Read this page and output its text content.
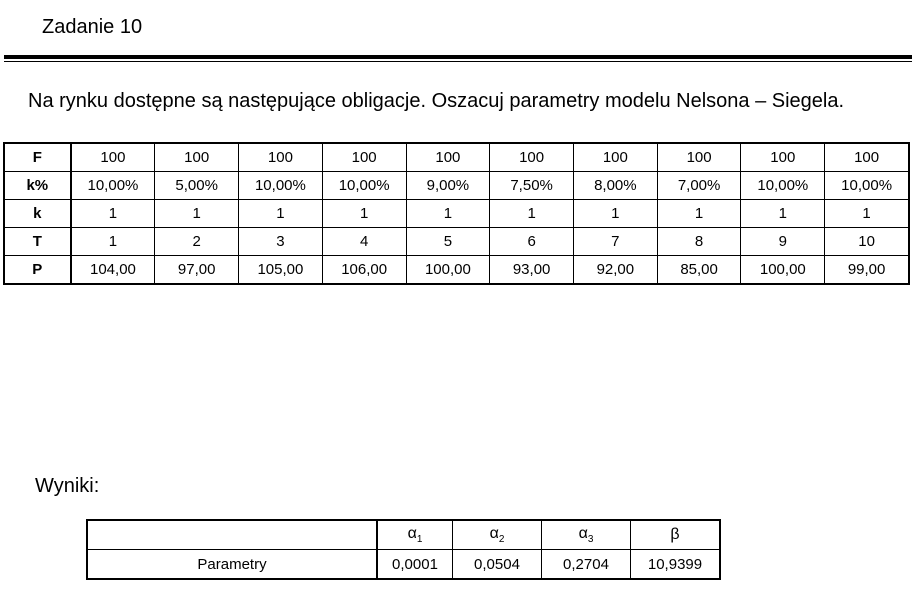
Zadanie 10
Na rynku dostępne są następujące obligacje. Oszacuj parametry modelu Nelsona – Siegela.
F	100	100	100	100	100	100	100	100	100	100
k%	10,00%	5,00%	10,00%	10,00%	9,00%	7,50%	8,00%	7,00%	10,00%	10,00%
k	1	1	1	1	1	1	1	1	1	1
T	1	2	3	4	5	6	7	8	9	10
P	104,00	97,00	105,00	106,00	100,00	93,00	92,00	85,00	100,00	99,00
Wyniki:
	$\alpha_1$	$\alpha_2$	$\alpha_3$	β
Parametry	0,0001	0,0504	0,2704	10,9399
